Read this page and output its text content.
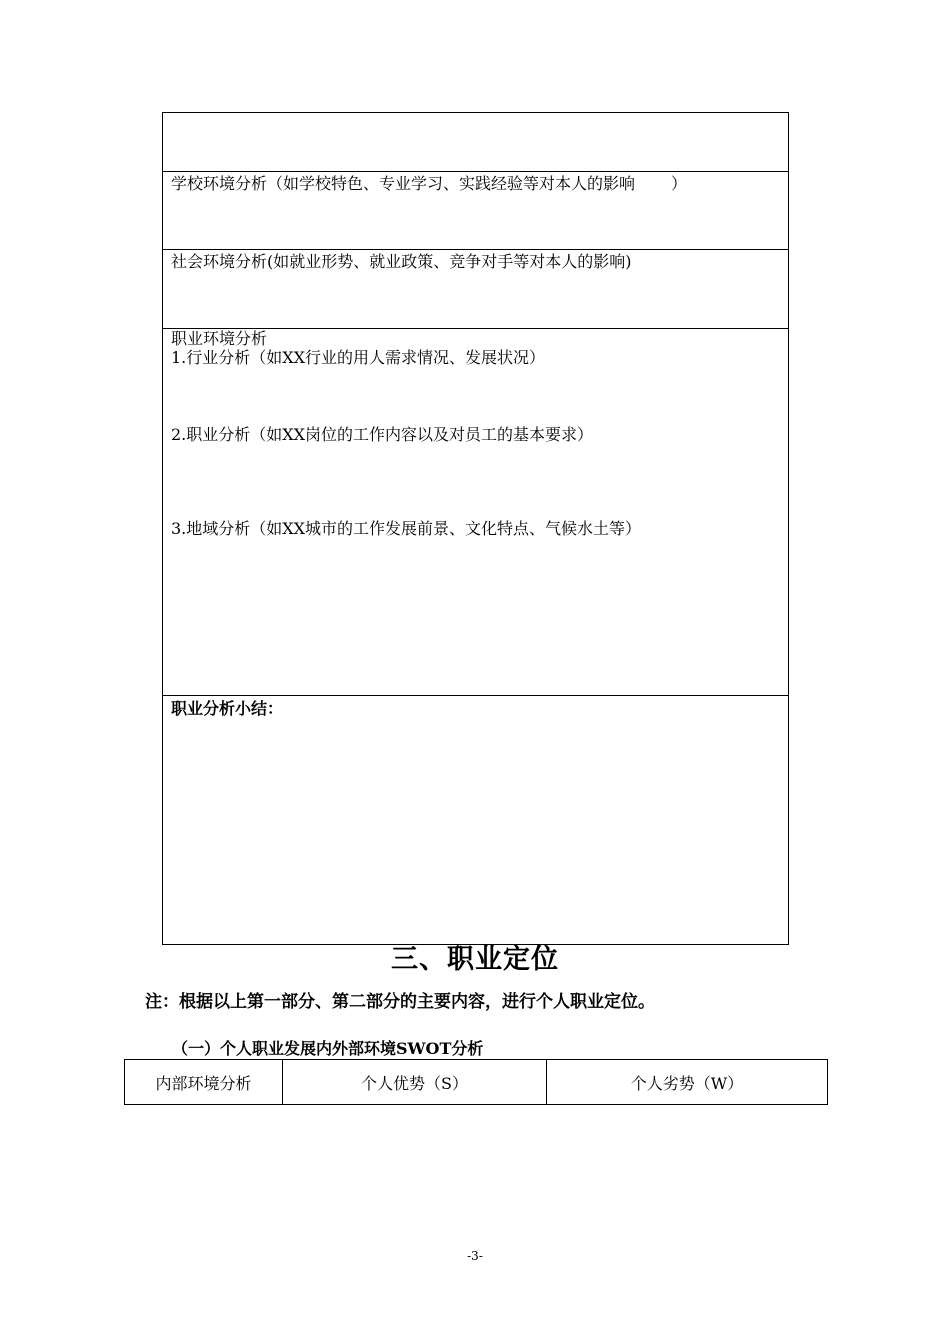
学校环境分析（如学校特色、专业学习、实践经验等对本人的影响 ）
社会环境分析(如就业形势、就业政策、竞争对手等对本人的影响)
职业环境分析
1.行业分析（如XX行业的用人需求情况、发展状况）
2.职业分析（如XX岗位的工作内容以及对员工的基本要求）
3.地域分析（如XX城市的工作发展前景、文化特点、气候水土等）
职业分析小结：
三、职业定位
注：根据以上第一部分、第二部分的主要内容，进行个人职业定位。
（一）个人职业发展内外部环境SWOT分析
内部环境分析	个人优势（S）	个人劣势（W）
-3-
